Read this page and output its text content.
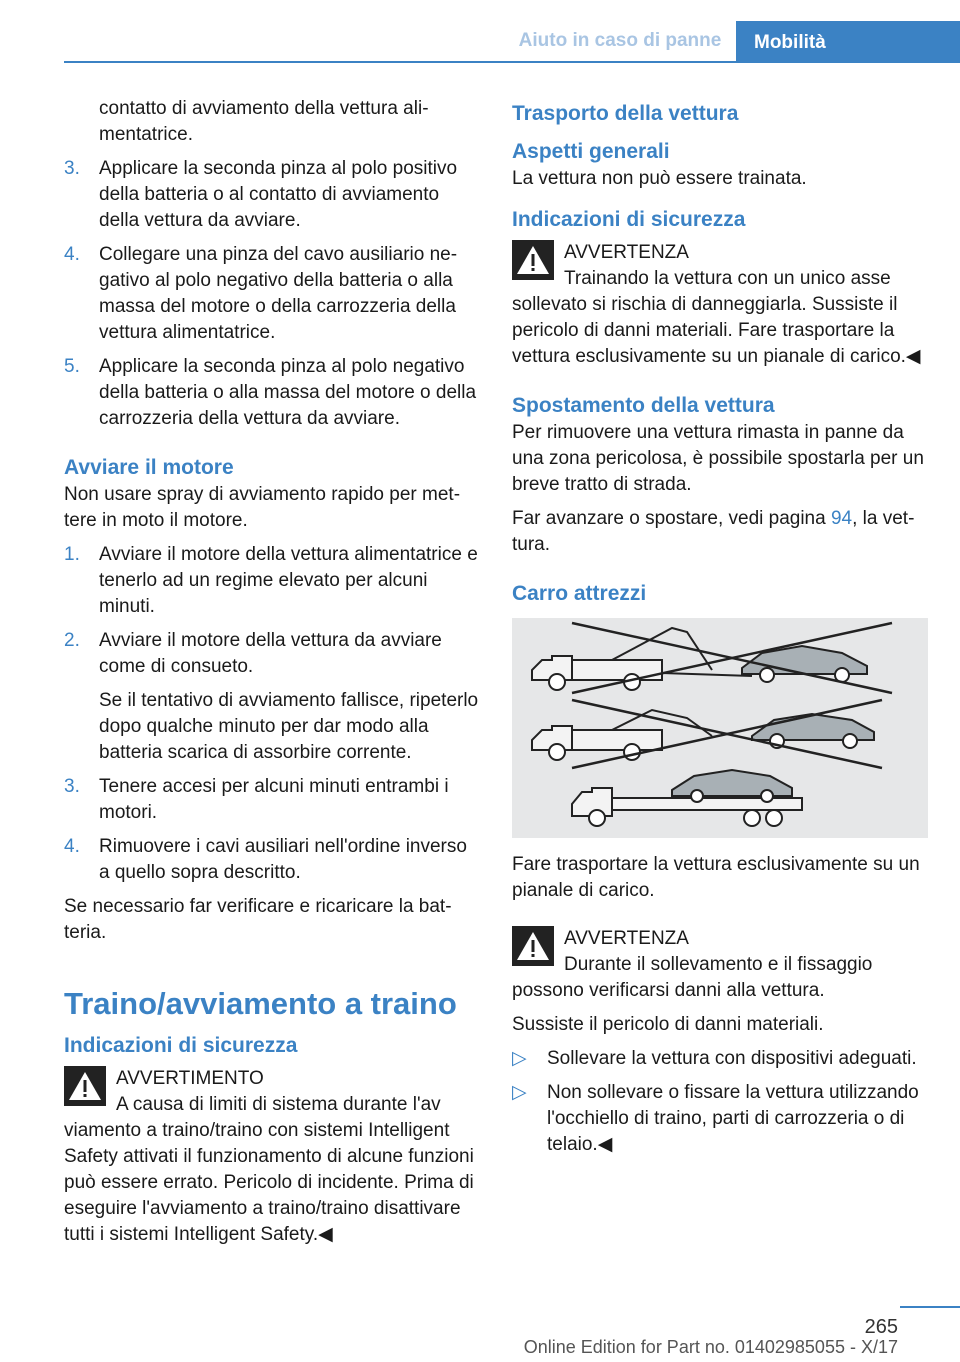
Aiuto in caso di panne	Mobilità

contatto di avviamento della vettura alimentatrice.

3. Applicare la seconda pinza al polo positivo della batteria o al contatto di avviamento della vettura da avviare.
4. Collegare una pinza del cavo ausiliario negativo al polo negativo della batteria o alla massa del motore o della carrozzeria della vettura alimentatrice.
5. Applicare la seconda pinza al polo negativo della batteria o alla massa del motore o della carrozzeria della vettura da avviare.
Avviare il motore

Non usare spray di avviamento rapido per mettere in moto il motore.

1. Avviare il motore della vettura alimentatrice e tenerlo ad un regime elevato per alcuni minuti.
2. Avviare il motore della vettura da avviare come di consueto.

Se il tentativo di avviamento fallisce, ripeterlo dopo qualche minuto per dar modo alla batteria scarica di assorbire corrente.

3. Tenere accesi per alcuni minuti entrambi i motori.
4. Rimuovere i cavi ausiliari nell'ordine inverso a quello sopra descritto.

Se necessario far verificare e ricaricare la batteria.

Traino/avviamento a traino
Indicazioni di sicurezza
AVVERTIMENTO
A causa di limiti di sistema durante l'av
viamento a traino/traino con sistemi Intelligent Safety attivati il funzionamento di alcune funzioni può essere errato. Pericolo di incidente. Prima di eseguire l'avviamento a traino/traino disattivare tutti i sistemi Intelligent Safety.◀
Trasporto della vettura
Aspetti generali

La vettura non può essere trainata.

Indicazioni di sicurezza
AVVERTENZA
Trainando la vettura con un unico asse
sollevato si rischia di danneggiarla. Sussiste il pericolo di danni materiali. Fare trasportare la vettura esclusivamente su un pianale di carico.◀
Spostamento della vettura

Per rimuovere una vettura rimasta in panne da una zona pericolosa, è possibile spostarla per un breve tratto di strada.

Far avanzare o spostare, vedi pagina 94, la vettura.

Carro attrezzi

Fare trasportare la vettura esclusivamente su un pianale di carico.

AVVERTENZA
Durante il sollevamento e il fissaggio
possono verificarsi danni alla vettura.

Sussiste il pericolo di danni materiali.

▷ Sollevare la vettura con dispositivi adeguati.
▷ Non sollevare o fissare la vettura utilizzando l'occhiello di traino, parti di carrozzeria o di telaio.◀
265
Online Edition for Part no. 01402985055 - X/17
